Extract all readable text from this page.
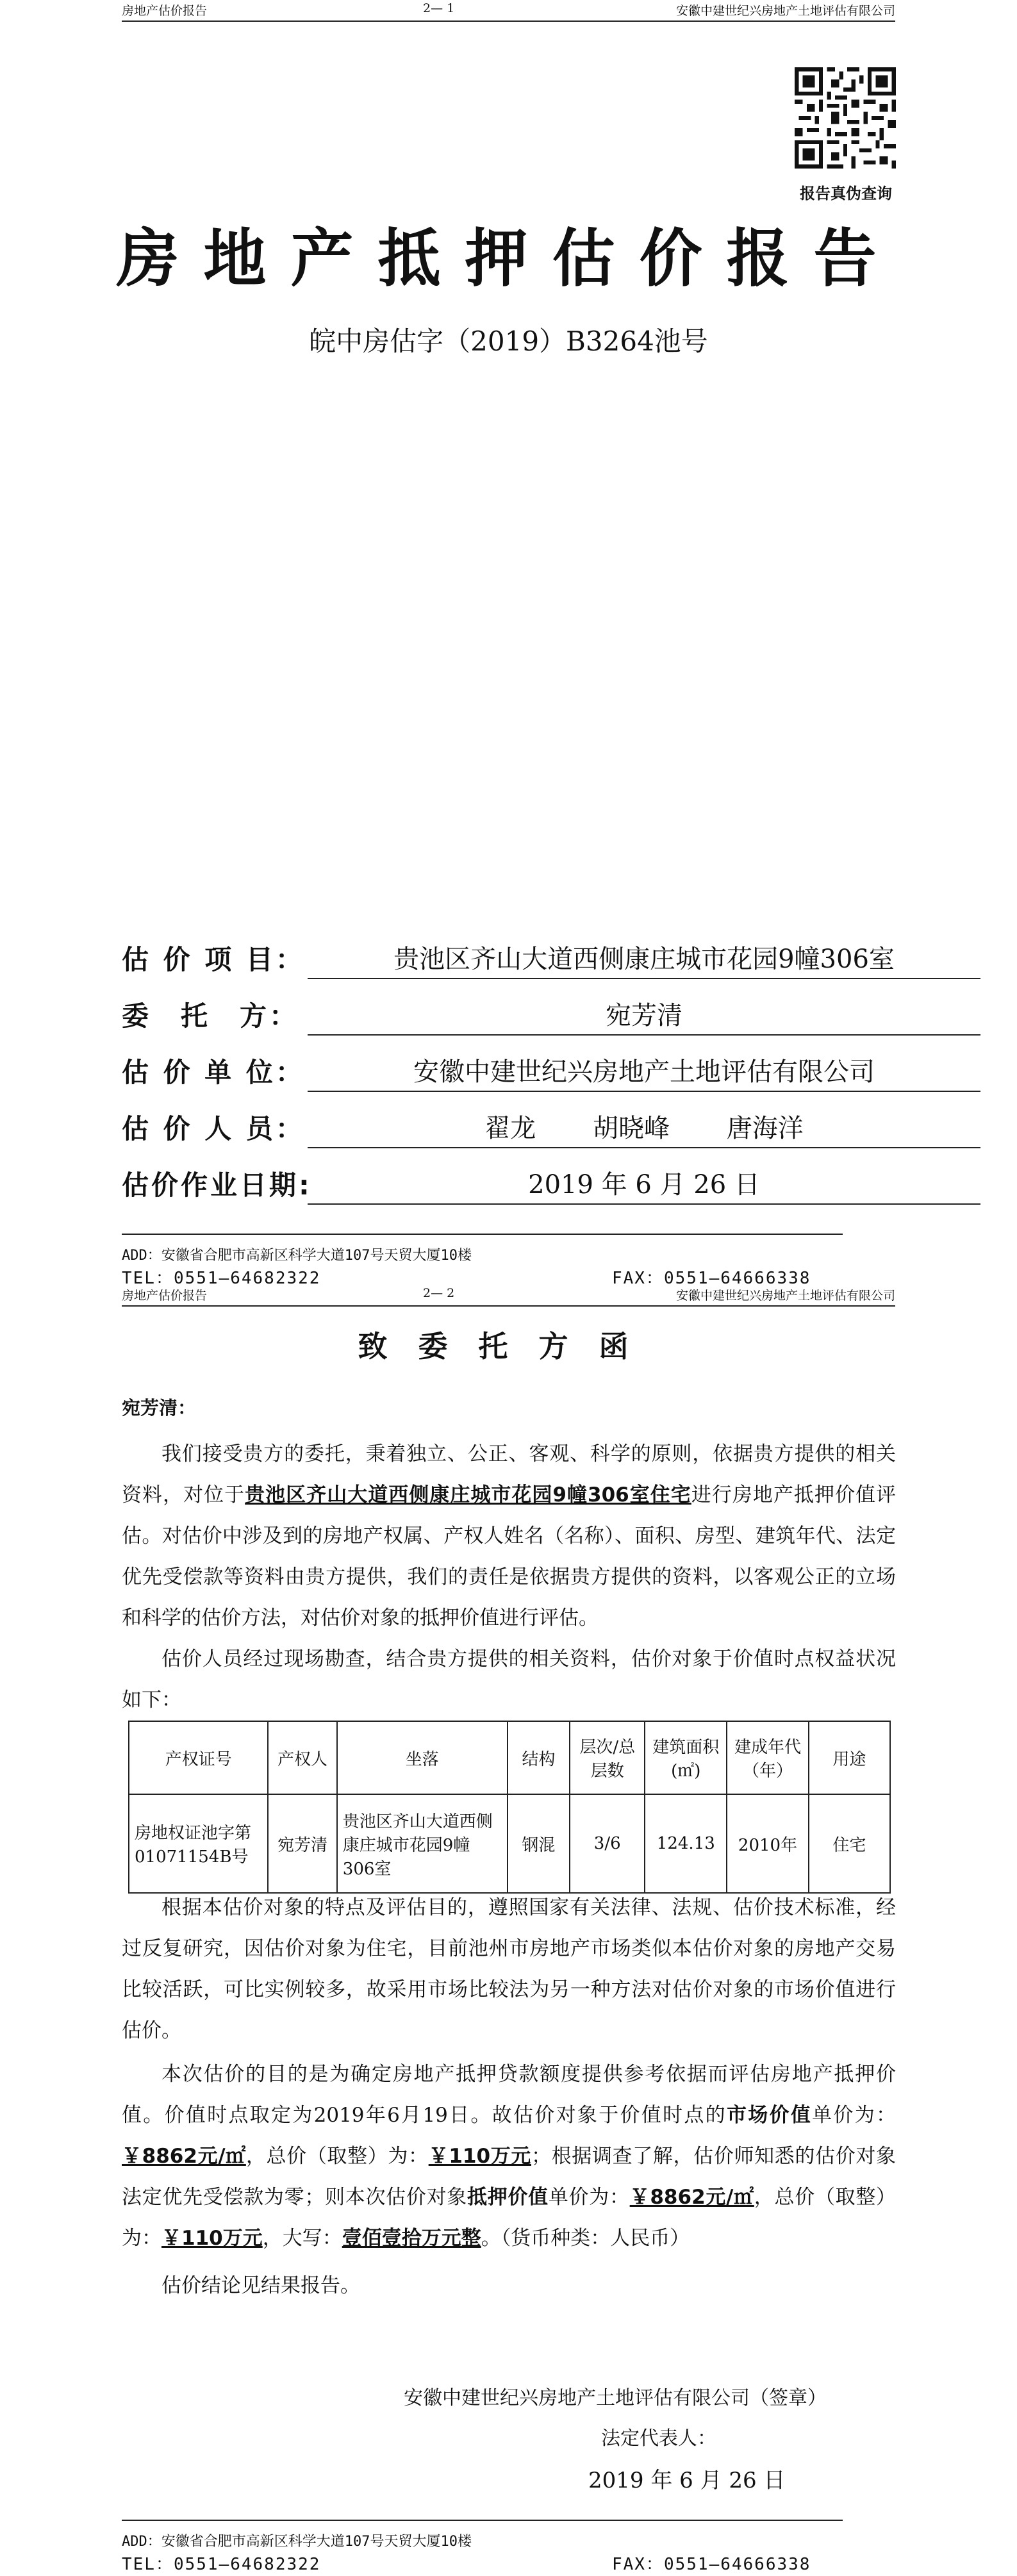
房地产估价报告	2— 1	安徽中建世纪兴房地产土地评估有限公司
报告真伪查询
房地产抵押估价报告
皖中房估字（2019）B3264池号
估 价 项 目：	贵池区齐山大道西侧康庄城市花园9幢306室
委　托　方：	宛芳清
估 价 单 位：	安徽中建世纪兴房地产土地评估有限公司
估 价 人 员：	翟龙 胡晓峰 唐海洋
估价作业日期:	2019 年 6 月 26 日
ADD：安徽省合肥市高新区科学大道107号天贸大厦10楼
TEL：0551—64682322	FAX：0551—64666338
房地产估价报告	2— 2	安徽中建世纪兴房地产土地评估有限公司
致委托方函
宛芳清：
我们接受贵方的委托，秉着独立、公正、客观、科学的原则，依据贵方提供的相关资料，对位于贵池区齐山大道西侧康庄城市花园9幢306室住宅进行房地产抵押价值评估。对估价中涉及到的房地产权属、产权人姓名（名称）、面积、房型、建筑年代、法定优先受偿款等资料由贵方提供，我们的责任是依据贵方提供的资料，以客观公正的立场和科学的估价方法，对估价对象的抵押价值进行评估。
估价人员经过现场勘查，结合贵方提供的相关资料，估价对象于价值时点权益状况如下：
产权证号	产权人	坐落	结构	层次/总层数	建筑面积(㎡)	建成年代（年）	用途
房地权证池字第01071154B号	宛芳清	贵池区齐山大道西侧康庄城市花园9幢306室	钢混	3/6	124.13	2010年	住宅
根据本估价对象的特点及评估目的，遵照国家有关法律、法规、估价技术标准，经过反复研究，因估价对象为住宅，目前池州市房地产市场类似本估价对象的房地产交易比较活跃，可比实例较多，故采用市场比较法为另一种方法对估价对象的市场价值进行估价。
本次估价的目的是为确定房地产抵押贷款额度提供参考依据而评估房地产抵押价值。价值时点取定为2019年6月19日。故估价对象于价值时点的市场价值单价为：￥8862元/㎡，总价（取整）为：￥110万元；根据调查了解，估价师知悉的估价对象法定优先受偿款为零；则本次估价对象抵押价值单价为：￥8862元/㎡，总价（取整）为：￥110万元，大写：壹佰壹拾万元整。（货币种类：人民币）
估价结论见结果报告。
安徽中建世纪兴房地产土地评估有限公司（签章）
法定代表人：
2019 年 6 月 26 日
ADD：安徽省合肥市高新区科学大道107号天贸大厦10楼
TEL：0551—64682322	FAX：0551—64666338
